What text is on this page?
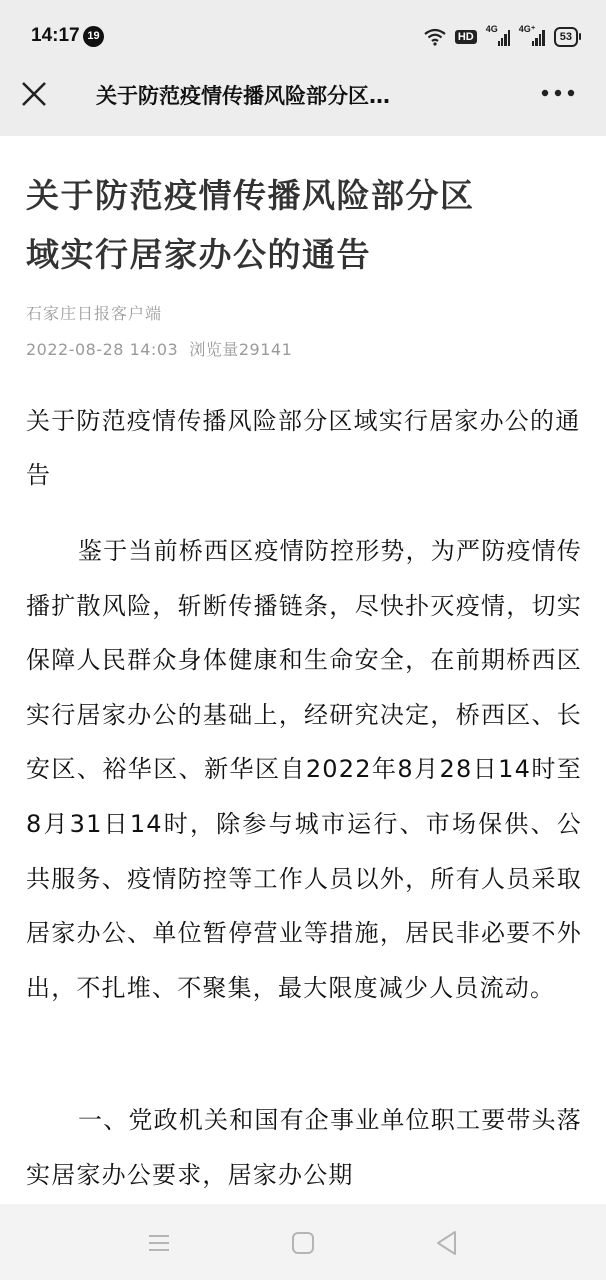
14:17 19	HD
4G 4G⁺
53
关于防范疫情传播风险部分区…
关于防范疫情传播风险部分区
域实行居家办公的通告
石家庄日报客户端
2022-08-28 14:03 浏览量29141
关于防范疫情传播风险部分区域实行居家办公的通告
鉴于当前桥西区疫情防控形势，为严防疫情传播扩散风险，斩断传播链条，尽快扑灭疫情，切实保障人民群众身体健康和生命安全，在前期桥西区实行居家办公的基础上，经研究决定，桥西区、长安区、裕华区、新华区自2022年8月28日14时至8月31日14时，除参与城市运行、市场保供、公共服务、疫情防控等工作人员以外，所有人员采取居家办公、单位暂停营业等措施，居民非必要不外出，不扎堆、不聚集，最大限度减少人员流动。
一、党政机关和国有企事业单位职工要带头落实居家办公要求，居家办公期
